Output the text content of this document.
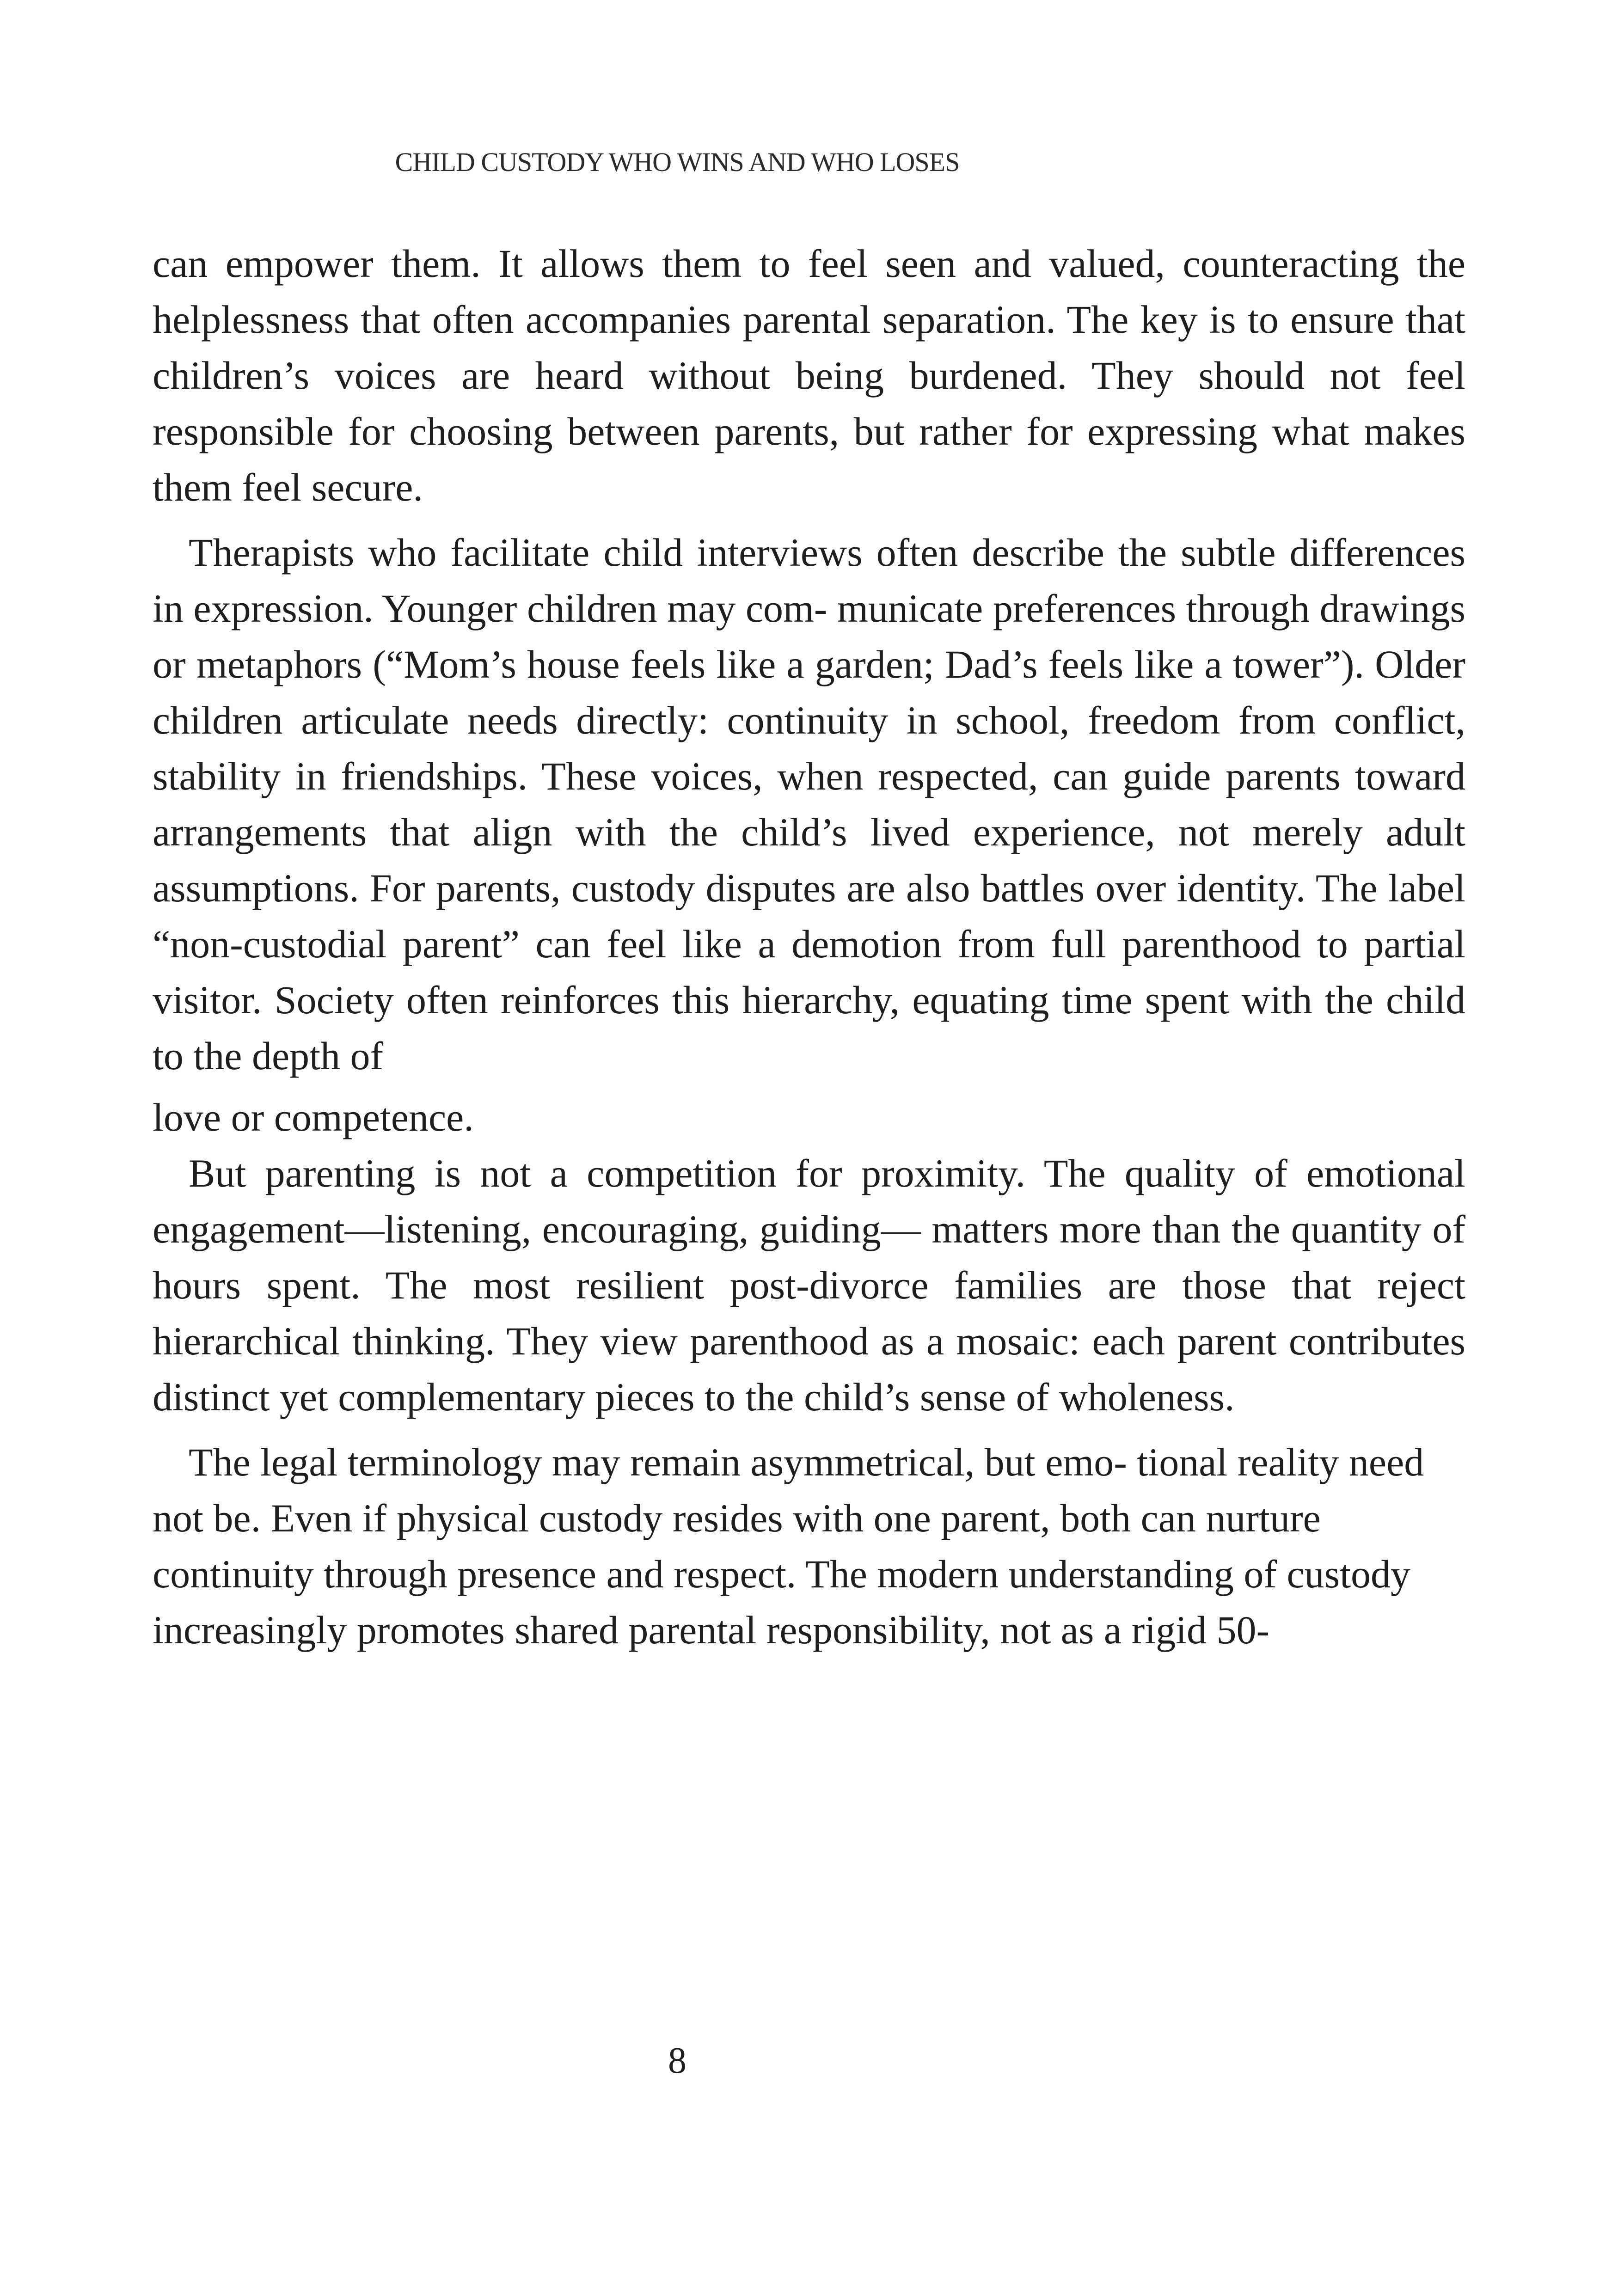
CHILD CUSTODY WHO WINS AND WHO LOSES

can empower them. It allows them to feel seen and valued, counteracting the helplessness that often accompanies parental separation. The key is to ensure that children’s voices are heard without being burdened. They should not feel responsible for choosing between parents, but rather for expressing what makes them feel secure.

Therapists who facilitate child interviews often describe the subtle differences in expression. Younger children may com- municate preferences through drawings or metaphors (“Mom’s house feels like a garden; Dad’s feels like a tower”). Older children articulate needs directly: continuity in school, freedom from conflict, stability in friendships. These voices, when respected, can guide parents toward arrangements that align with the child’s lived experience, not merely adult assumptions. For parents, custody disputes are also battles over identity. The label “non-custodial parent” can feel like a demotion from full parenthood to partial visitor. Society often reinforces this hierarchy, equating time spent with the child to the depth of

love or competence.

But parenting is not a competition for proximity. The quality of emotional engagement—listening, encouraging, guiding— matters more than the quantity of hours spent. The most resilient post-divorce families are those that reject hierarchical thinking. They view parenthood as a mosaic: each parent contributes distinct yet complementary pieces to the child’s sense of wholeness.

The legal terminology may remain asymmetrical, but emo- tional reality need not be. Even if physical custody resides with one parent, both can nurture continuity through presence and respect. The modern understanding of custody increasingly promotes shared parental responsibility, not as a rigid 50-

8
